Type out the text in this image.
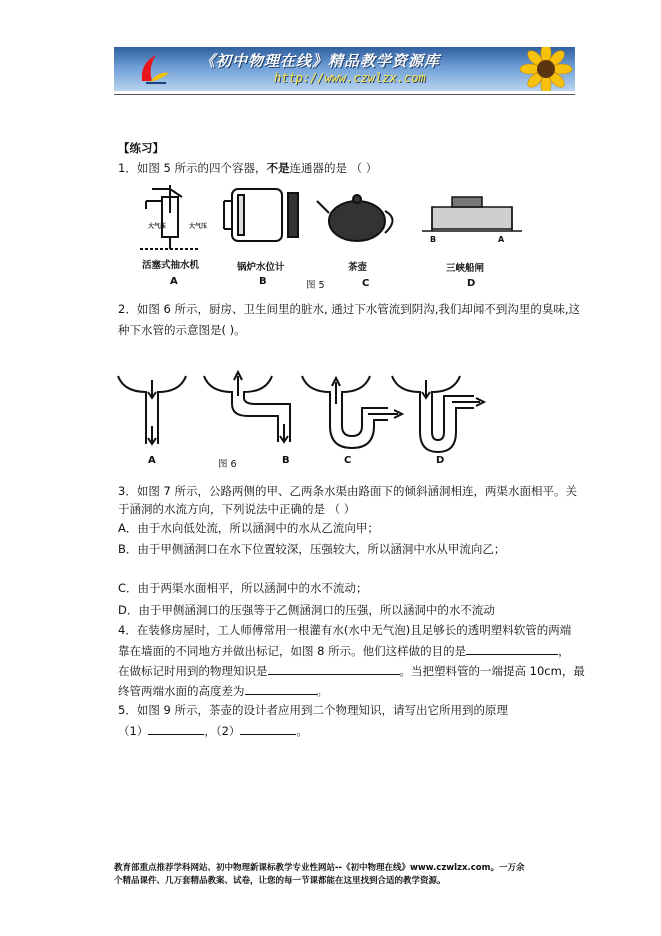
《初中物理在线》精品教学资源库
http://www.czwlzx.com
【练习】
1．如图 5 所示的四个容器，不是连通器的是 （ ）
大气压	大气压
B	A
活塞式抽水机	锅炉水位计
图 5
茶壶	三峡船闸
A	B	C	D
2．如图 6 所示，厨房、卫生间里的脏水, 通过下水管流到阴沟,我们却闻不到沟里的臭味,这
种下水管的示意图是( )。
A	图 6	B	C	D
3．如图 7 所示，公路两侧的甲、乙两条水渠由路面下的倾斜涵洞相连，两渠水面相平。关
于涵洞的水流方向，下列说法中正确的是 （ ）
A．由于水向低处流，所以涵洞中的水从乙流向甲；
B．由于甲侧涵洞口在水下位置较深，压强较大，所以涵洞中水从甲流向乙；
C．由于两渠水面相平，所以涵洞中的水不流动；
D．由于甲侧涵洞口的压强等于乙侧涵洞口的压强，所以涵洞中的水不流动
4．在装修房屋时，工人师傅常用一根灌有水(水中无气泡)且足够长的透明塑料软管的两端
靠在墙面的不同地方并做出标记，如图 8 所示。他们这样做的目的是	，
在做标记时用到的物理知识是	。当把塑料管的一端提高 10cm，最
终管两端水面的高度差为	。
5．如图 9 所示，茶壶的设计者应用到二个物理知识，请写出它所用到的原理
（1）	，（2）	。
教育部重点推荐学科网站、初中物理新课标教学专业性网站--《初中物理在线》www.czwlzx.com。一万余
个精品课件、几万套精品教案、试卷，让您的每一节课都能在这里找到合适的教学资源。
